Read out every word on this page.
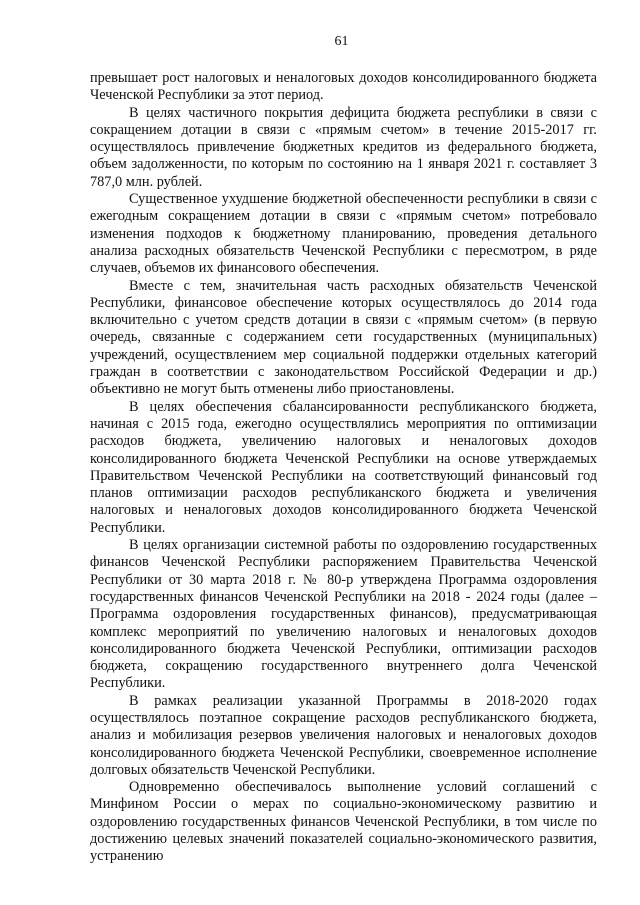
61

превышает рост налоговых и неналоговых доходов консолидированного бюджета Чеченской Республики за этот период.

В целях частичного покрытия дефицита бюджета республики в связи с сокращением дотации в связи с «прямым счетом» в течение 2015-2017 гг. осуществлялось привлечение бюджетных кредитов из федерального бюджета, объем задолженности, по которым по состоянию на 1 января 2021 г. составляет 3 787,0 млн. рублей.

Существенное ухудшение бюджетной обеспеченности республики в связи с ежегодным сокращением дотации в связи с «прямым счетом» потребовало изменения подходов к бюджетному планированию, проведения детального анализа расходных обязательств Чеченской Республики с пересмотром, в ряде случаев, объемов их финансового обеспечения.

Вместе с тем, значительная часть расходных обязательств Чеченской Республики, финансовое обеспечение которых осуществлялось до 2014 года включительно с учетом средств дотации в связи с «прямым счетом» (в первую очередь, связанные с содержанием сети государственных (муниципальных) учреждений, осуществлением мер социальной поддержки отдельных категорий граждан в соответствии с законодательством Российской Федерации и др.) объективно не могут быть отменены либо приостановлены.

В целях обеспечения сбалансированности республиканского бюджета, начиная с 2015 года, ежегодно осуществлялись мероприятия по оптимизации расходов бюджета, увеличению налоговых и неналоговых доходов консолидированного бюджета Чеченской Республики на основе утверждаемых Правительством Чеченской Республики на соответствующий финансовый год планов оптимизации расходов республиканского бюджета и увеличения налоговых и неналоговых доходов консолидированного бюджета Чеченской Республики.

В целях организации системной работы по оздоровлению государственных финансов Чеченской Республики распоряжением Правительства Чеченской Республики от 30 марта 2018 г. № 80-р утверждена Программа оздоровления государственных финансов Чеченской Республики на 2018 - 2024 годы (далее – Программа оздоровления государственных финансов), предусматривающая комплекс мероприятий по увеличению налоговых и неналоговых доходов консолидированного бюджета Чеченской Республики, оптимизации расходов бюджета, сокращению государственного внутреннего долга Чеченской Республики.

В рамках реализации указанной Программы в 2018-2020 годах осуществлялось поэтапное сокращение расходов республиканского бюджета, анализ и мобилизация резервов увеличения налоговых и неналоговых доходов консолидированного бюджета Чеченской Республики, своевременное исполнение долговых обязательств Чеченской Республики.

Одновременно обеспечивалось выполнение условий соглашений с Минфином России о мерах по социально-экономическому развитию и оздоровлению государственных финансов Чеченской Республики, в том числе по достижению целевых значений показателей социально-экономического развития, устранению
